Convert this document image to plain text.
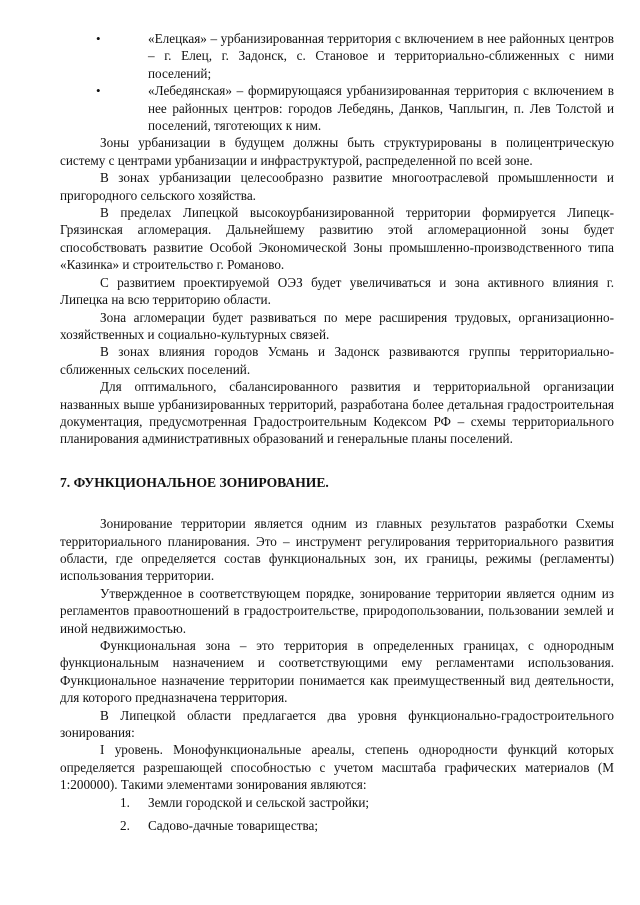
•	«Елецкая» – урбанизированная территория с включением в нее районных центров – г. Елец, г. Задонск, с. Становое и территориально-сближенных с ними поселений;

•	«Лебедянская» – формирующаяся урбанизированная территория с включением в нее районных центров: городов Лебедянь, Данков, Чаплыгин, п. Лев Толстой и поселений, тяготеющих к ним.

Зоны урбанизации в будущем должны быть структурированы в полицентрическую систему с центрами урбанизации и инфраструктурой, распределенной по всей зоне.

В зонах урбанизации целесообразно развитие многоотраслевой промышленности и пригородного сельского хозяйства.

В пределах Липецкой высокоурбанизированной территории формируется Липецк-Грязинская агломерация. Дальнейшему развитию этой агломерационной зоны будет способствовать развитие Особой Экономической Зоны промышленно-производственного типа «Казинка» и строительство г. Романово.

С развитием проектируемой ОЭЗ будет увеличиваться и зона активного влияния г. Липецка на всю территорию области.

Зона агломерации будет развиваться по мере расширения трудовых, организационно-хозяйственных и социально-культурных связей.

В зонах влияния городов Усмань и Задонск развиваются группы территориально-сближенных сельских поселений.

Для оптимального, сбалансированного развития и территориальной организации названных выше урбанизированных территорий, разработана более детальная градостроительная документация, предусмотренная Градостроительным Кодексом РФ – схемы территориального планирования административных образований и генеральные планы поселений.

7. ФУНКЦИОНАЛЬНОЕ ЗОНИРОВАНИЕ.

Зонирование территории является одним из главных результатов разработки Схемы территориального планирования. Это – инструмент регулирования территориального развития области, где определяется состав функциональных зон, их границы, режимы (регламенты) использования территории.

Утвержденное в соответствующем порядке, зонирование территории является одним из регламентов правоотношений в градостроительстве, природопользовании, пользовании землей и иной недвижимостью.

Функциональная зона – это территория в определенных границах, с однородным функциональным назначением и соответствующими ему регламентами использования. Функциональное назначение территории понимается как преимущественный вид деятельности, для которого предназначена территория.

В Липецкой области предлагается два уровня функционально-градостроительного зонирования:

I уровень. Монофункциональные ареалы, степень однородности функций которых определяется разрешающей способностью с учетом масштаба графических материалов (М 1:200000). Такими элементами зонирования являются:

1. Земли городской и сельской застройки;

2. Садово-дачные товарищества;
